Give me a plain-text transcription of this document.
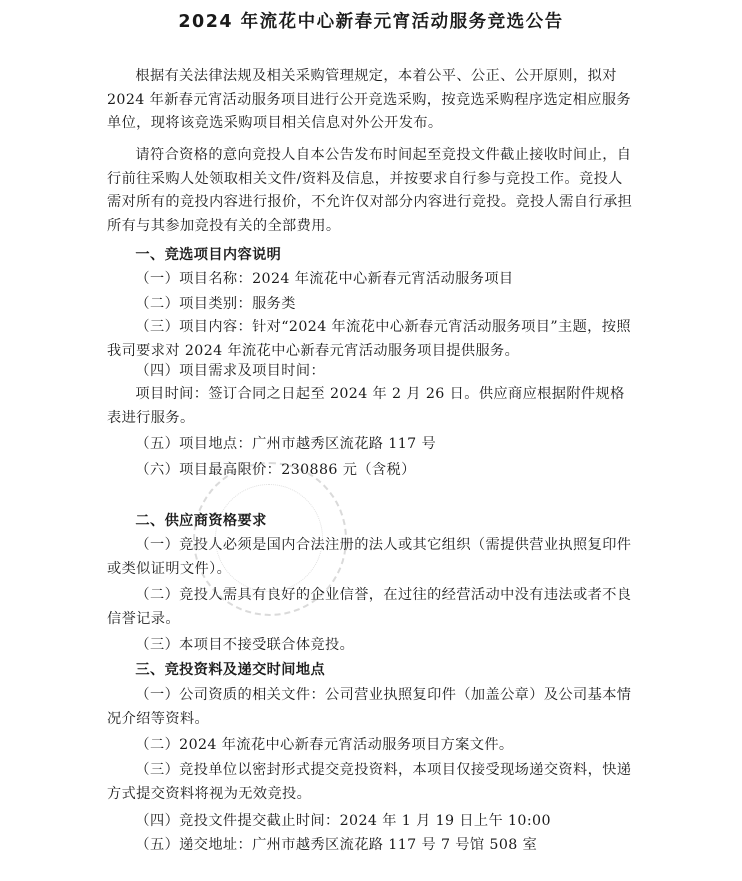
2024 年流花中心新春元宵活动服务竞选公告
根据有关法律法规及相关采购管理规定，本着公平、公正、公开原则，拟对 2024 年新春元宵活动服务项目进行公开竞选采购，按竞选采购程序选定相应服务单位，现将该竞选采购项目相关信息对外公开发布。
请符合资格的意向竞投人自本公告发布时间起至竞投文件截止接收时间止，自行前往采购人处领取相关文件/资料及信息，并按要求自行参与竞投工作。竞投人需对所有的竞投内容进行报价，不允许仅对部分内容进行竞投。竞投人需自行承担所有与其参加竞投有关的全部费用。
一、竞选项目内容说明
（一）项目名称：2024 年流花中心新春元宵活动服务项目
（二）项目类别：服务类
（三）项目内容：针对“2024 年流花中心新春元宵活动服务项目”主题，按照我司要求对 2024 年流花中心新春元宵活动服务项目提供服务。
（四）项目需求及项目时间：
项目时间：签订合同之日起至 2024 年 2 月 26 日。供应商应根据附件规格表进行服务。
（五）项目地点：广州市越秀区流花路 117 号
（六）项目最高限价：230886 元（含税）
二、供应商资格要求
（一）竞投人必须是国内合法注册的法人或其它组织（需提供营业执照复印件或类似证明文件）。
（二）竞投人需具有良好的企业信誉，在过往的经营活动中没有违法或者不良信誉记录。
（三）本项目不接受联合体竞投。
三、竞投资料及递交时间地点
（一）公司资质的相关文件：公司营业执照复印件（加盖公章）及公司基本情况介绍等资料。
（二）2024 年流花中心新春元宵活动服务项目方案文件。
（三）竞投单位以密封形式提交竞投资料，本项目仅接受现场递交资料，快递方式提交资料将视为无效竞投。
（四）竞投文件提交截止时间：2024 年 1 月 19 日上午 10:00
（五）递交地址：广州市越秀区流花路 117 号 7 号馆 508 室
